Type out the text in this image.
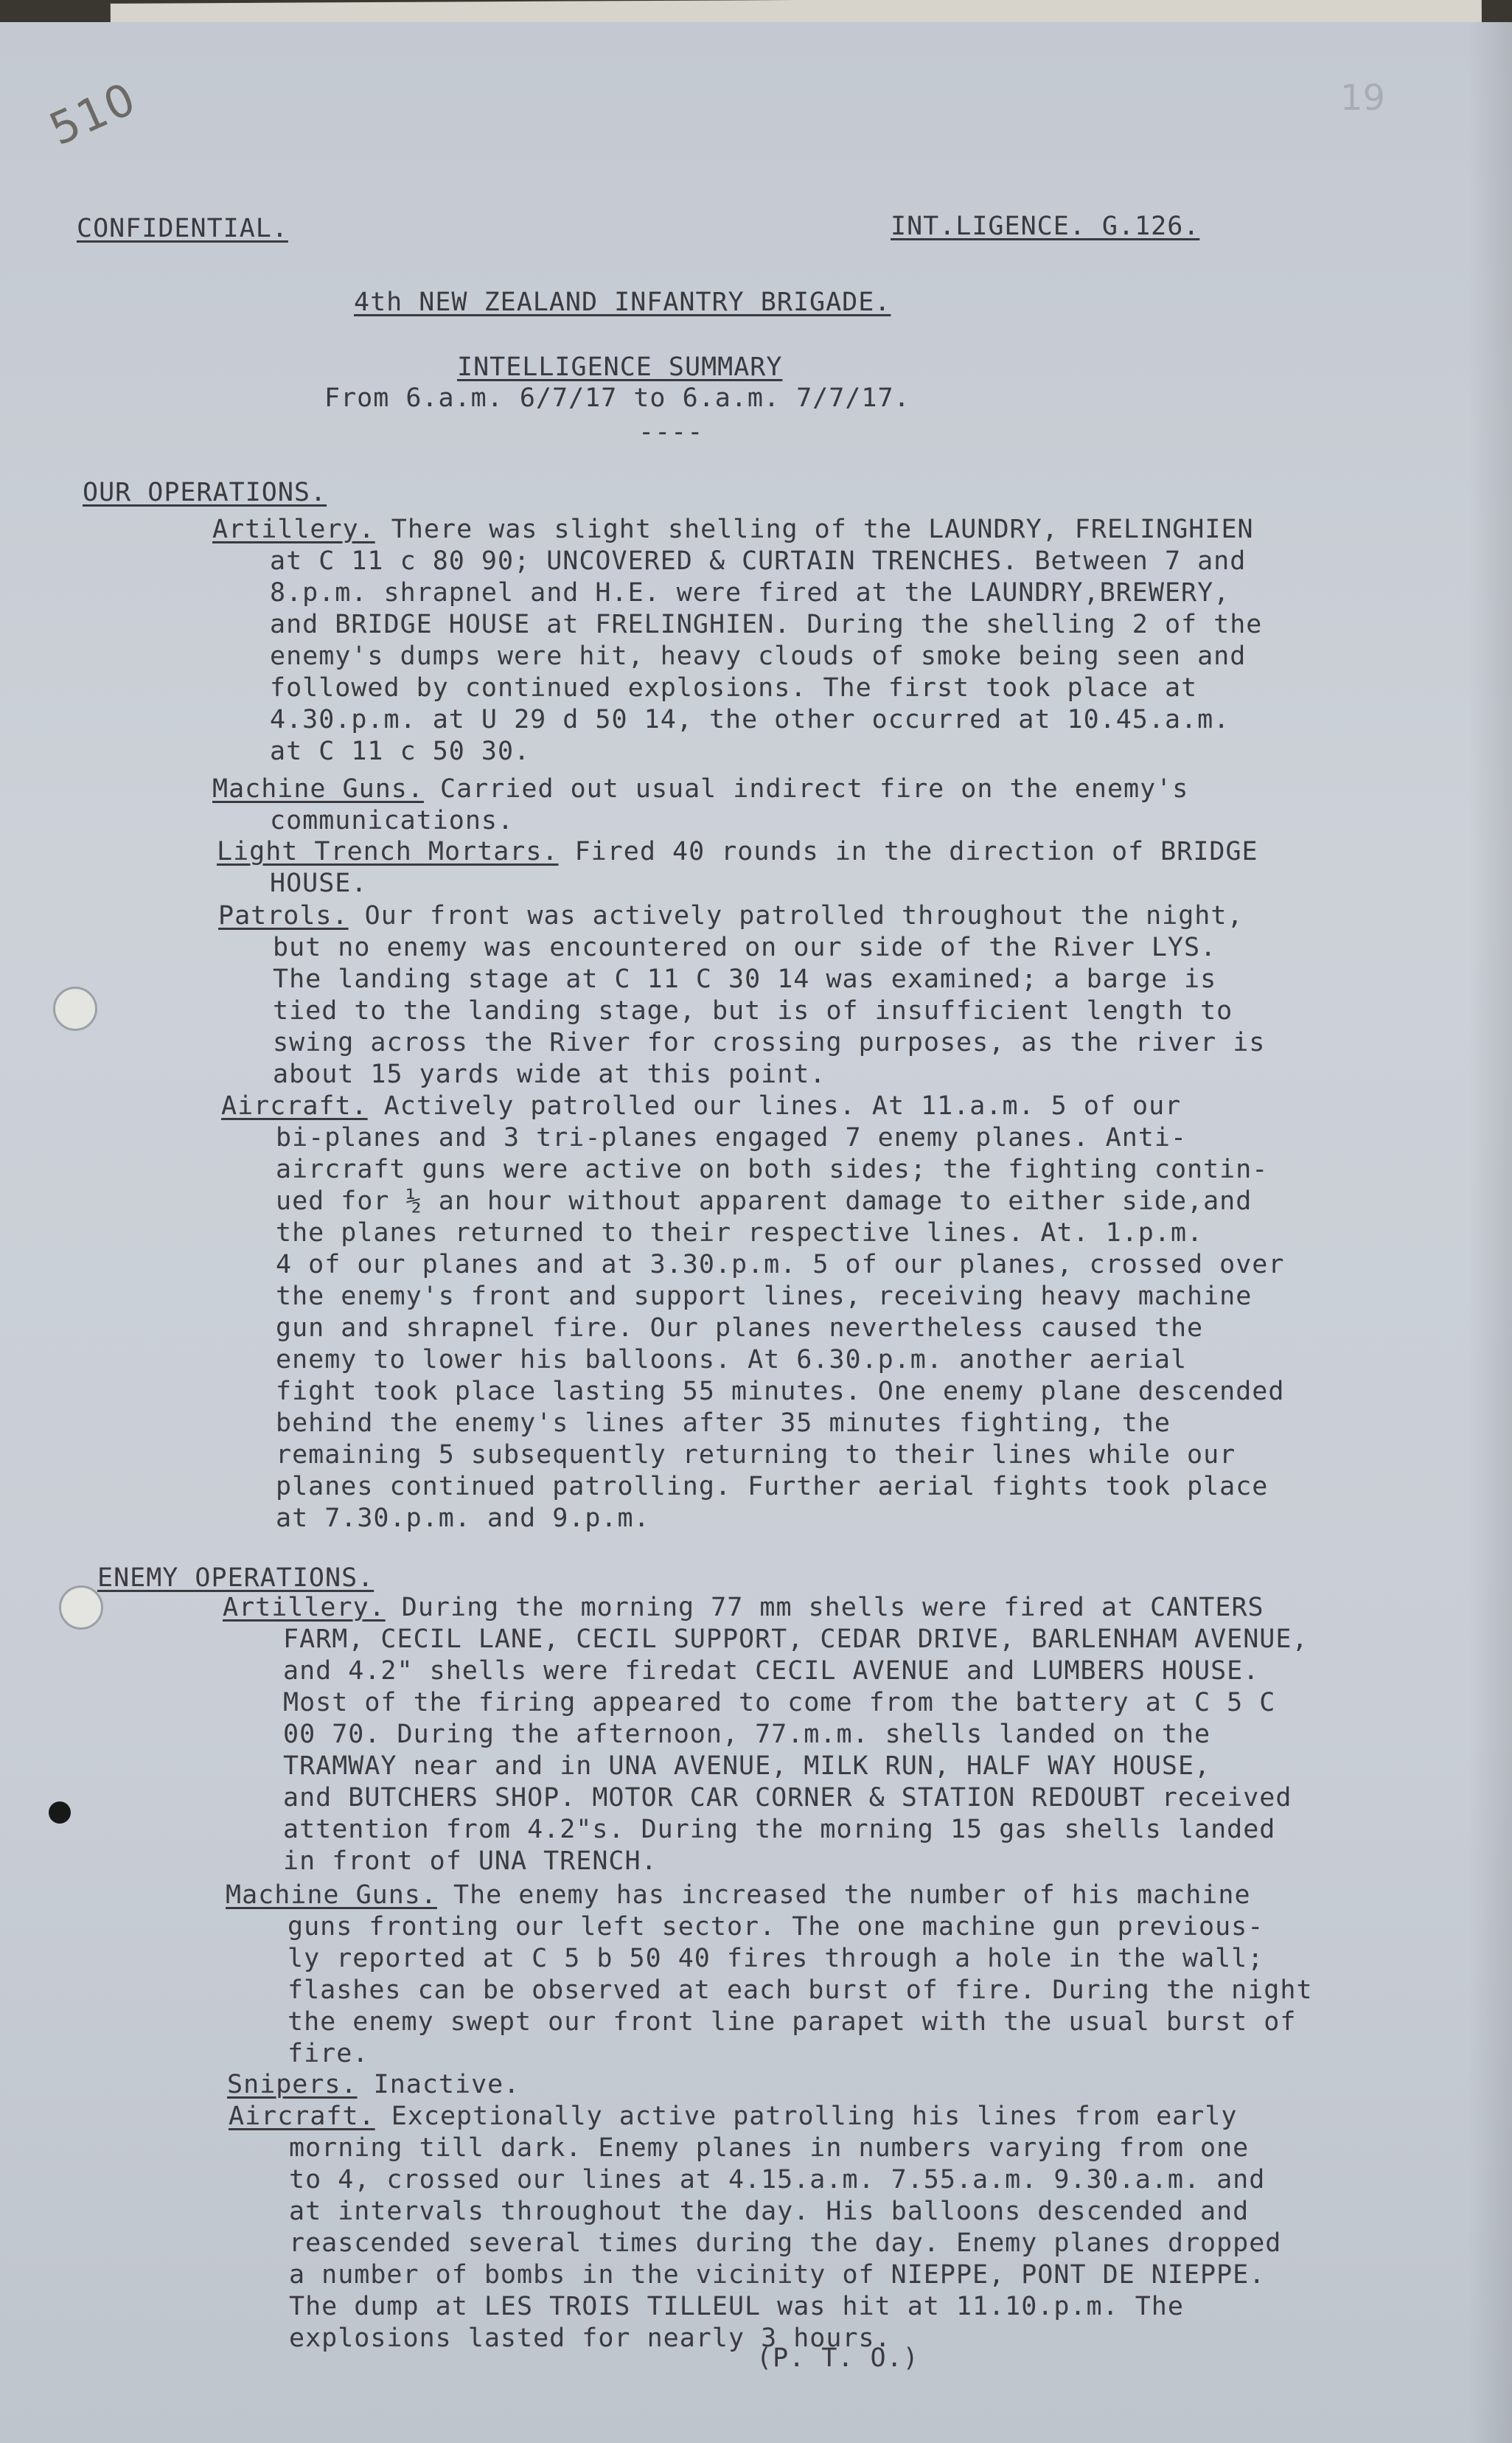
510	19
CONFIDENTIAL.	INT.LIGENCE. G.126.
4th NEW ZEALAND INFANTRY BRIGADE.
INTELLIGENCE SUMMARY
From 6.a.m. 6/7/17 to 6.a.m. 7/7/17.
----
OUR OPERATIONS.
Artillery. There was slight shelling of the LAUNDRY, FRELINGHIEN
at C 11 c 80 90; UNCOVERED & CURTAIN TRENCHES. Between 7 and
8.p.m. shrapnel and H.E. were fired at the LAUNDRY,BREWERY,
and BRIDGE HOUSE at FRELINGHIEN. During the shelling 2 of the
enemy's dumps were hit, heavy clouds of smoke being seen and
followed by continued explosions. The first took place at
4.30.p.m. at U 29 d 50 14, the other occurred at 10.45.a.m.
at C 11 c 50 30.
Machine Guns. Carried out usual indirect fire on the enemy's
communications.
Light Trench Mortars. Fired 40 rounds in the direction of BRIDGE
HOUSE.
Patrols. Our front was actively patrolled throughout the night,
but no enemy was encountered on our side of the River LYS.
The landing stage at C 11 C 30 14 was examined; a barge is
tied to the landing stage, but is of insufficient length to
swing across the River for crossing purposes, as the river is
about 15 yards wide at this point.
Aircraft. Actively patrolled our lines. At 11.a.m. 5 of our
bi-planes and 3 tri-planes engaged 7 enemy planes. Anti-
aircraft guns were active on both sides; the fighting contin-
ued for ½ an hour without apparent damage to either side,and
the planes returned to their respective lines. At. 1.p.m.
4 of our planes and at 3.30.p.m. 5 of our planes, crossed over
the enemy's front and support lines, receiving heavy machine
gun and shrapnel fire. Our planes nevertheless caused the
enemy to lower his balloons. At 6.30.p.m. another aerial
fight took place lasting 55 minutes. One enemy plane descended
behind the enemy's lines after 35 minutes fighting, the
remaining 5 subsequently returning to their lines while our
planes continued patrolling. Further aerial fights took place
at 7.30.p.m. and 9.p.m.
ENEMY OPERATIONS.
Artillery. During the morning 77 mm shells were fired at CANTERS
FARM, CECIL LANE, CECIL SUPPORT, CEDAR DRIVE, BARLENHAM AVENUE,
and 4.2" shells were firedat CECIL AVENUE and LUMBERS HOUSE.
Most of the firing appeared to come from the battery at C 5 C
00 70. During the afternoon, 77.m.m. shells landed on the
TRAMWAY near and in UNA AVENUE, MILK RUN, HALF WAY HOUSE,
and BUTCHERS SHOP. MOTOR CAR CORNER & STATION REDOUBT received
attention from 4.2"s. During the morning 15 gas shells landed
in front of UNA TRENCH.
Machine Guns. The enemy has increased the number of his machine
guns fronting our left sector. The one machine gun previous-
ly reported at C 5 b 50 40 fires through a hole in the wall;
flashes can be observed at each burst of fire. During the night
the enemy swept our front line parapet with the usual burst of
fire.
Snipers. Inactive.
Aircraft. Exceptionally active patrolling his lines from early
morning till dark. Enemy planes in numbers varying from one
to 4, crossed our lines at 4.15.a.m. 7.55.a.m. 9.30.a.m. and
at intervals throughout the day. His balloons descended and
reascended several times during the day. Enemy planes dropped
a number of bombs in the vicinity of NIEPPE, PONT DE NIEPPE.
The dump at LES TROIS TILLEUL was hit at 11.10.p.m. The
explosions lasted for nearly 3 hours.
(P. T. O.)
